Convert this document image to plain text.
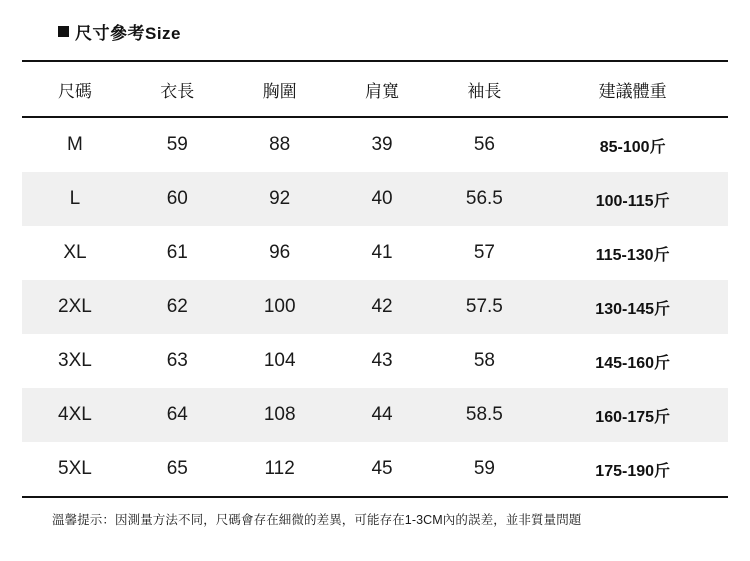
尺寸參考Size
尺碼	衣長	胸圍	肩寬	袖長	建議體重
M	59	88	39	56	85-100斤
L	60	92	40	56.5	100-115斤
XL	61	96	41	57	115-130斤
2XL	62	100	42	57.5	130-145斤
3XL	63	104	43	58	145-160斤
4XL	64	108	44	58.5	160-175斤
5XL	65	112	45	59	175-190斤
溫馨提示：因測量方法不同，尺碼會存在細微的差異，可能存在1-3CM內的誤差，並非質量問題
